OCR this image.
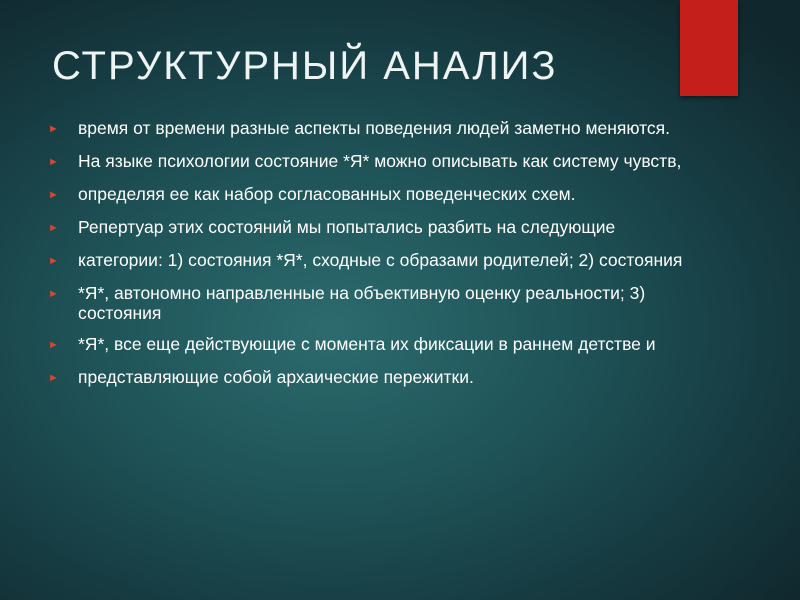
СТРУКТУРНЫЙ АНАЛИЗ
►	время от времени разные аспекты поведения людей заметно меняются.
►	На языке психологии состояние *Я* можно описывать как систему чувств,
►	определяя ее как набор согласованных поведенческих схем.
►	Репертуар этих состояний мы попытались разбить на следующие
►	категории: 1) состояния *Я*, сходные с образами родителей; 2) состояния
►	*Я*, автономно направленные на объективную оценку реальности; 3) состояния
►	*Я*, все еще действующие с момента их фиксации в раннем детстве и
►	представляющие собой архаические пережитки.
